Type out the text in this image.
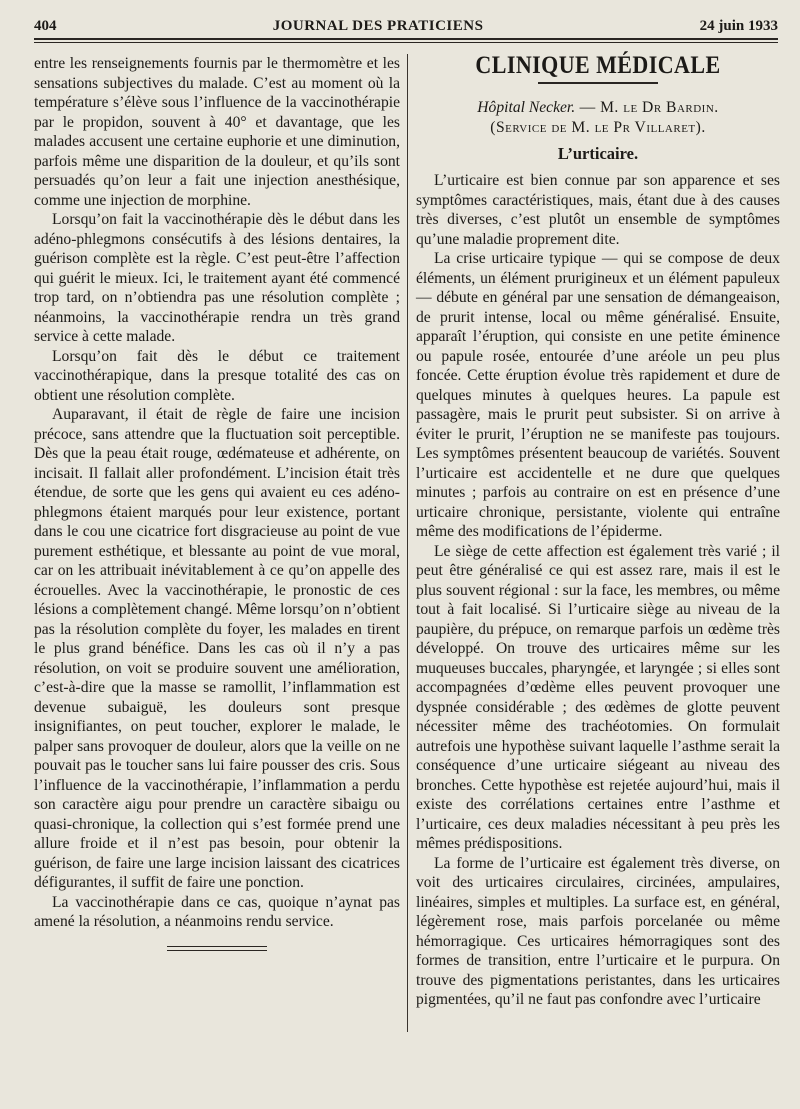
404	JOURNAL DES PRATICIENS	24 juin 1933

entre les renseignements fournis par le thermomètre et les sensations subjectives du malade. C’est au moment où la température s’élève sous l’influence de la vaccinothérapie par le propidon, souvent à 40° et davantage, que les malades accusent une certaine euphorie et une diminution, parfois même une disparition de la douleur, et qu’ils sont persuadés qu’on leur a fait une injection anesthésique, comme une injection de morphine.

Lorsqu’on fait la vaccinothérapie dès le début dans les adéno-phlegmons consécutifs à des lésions dentaires, la guérison complète est la règle. C’est peut-être l’affection qui guérit le mieux. Ici, le traitement ayant été commencé trop tard, on n’obtiendra pas une résolution complète ; néanmoins, la vaccinothérapie rendra un très grand service à cette malade.

Lorsqu’on fait dès le début ce traitement vaccinothérapique, dans la presque totalité des cas on obtient une résolution complète.

Auparavant, il était de règle de faire une incision précoce, sans attendre que la fluctuation soit perceptible. Dès que la peau était rouge, œdémateuse et adhérente, on incisait. Il fallait aller profondément. L’incision était très étendue, de sorte que les gens qui avaient eu ces adéno-phlegmons étaient marqués pour leur existence, portant dans le cou une cicatrice fort disgracieuse au point de vue purement esthétique, et blessante au point de vue moral, car on les attribuait inévitablement à ce qu’on appelle des écrouelles. Avec la vaccinothérapie, le pronostic de ces lésions a complètement changé. Même lorsqu’on n’obtient pas la résolution complète du foyer, les malades en tirent le plus grand bénéfice. Dans les cas où il n’y a pas résolution, on voit se produire souvent une amélioration, c’est-à-dire que la masse se ramollit, l’inflammation est devenue subaiguë, les douleurs sont presque insignifiantes, on peut toucher, explorer le malade, le palper sans provoquer de douleur, alors que la veille on ne pouvait pas le toucher sans lui faire pousser des cris. Sous l’influence de la vaccinothérapie, l’inflammation a perdu son caractère aigu pour prendre un caractère sibaigu ou quasi-chronique, la collection qui s’est formée prend une allure froide et il n’est pas besoin, pour obtenir la guérison, de faire une large incision laissant des cicatrices défigurantes, il suffit de faire une ponction.

La vaccinothérapie dans ce cas, quoique n’aynat pas amené la résolution, a néanmoins rendu service.

CLINIQUE MÉDICALE
Hôpital Necker. — M. le Dr Bardin.
(Service de M. le Pr Villaret).
L’urticaire.

L’urticaire est bien connue par son apparence et ses symptômes caractéristiques, mais, étant due à des causes très diverses, c’est plutôt un ensemble de symptômes qu’une maladie proprement dite.

La crise urticaire typique — qui se compose de deux éléments, un élément prurigineux et un élément papuleux — débute en général par une sensation de démangeaison, de prurit intense, local ou même généralisé. Ensuite, apparaît l’éruption, qui consiste en une petite éminence ou papule rosée, entourée d’une aréole un peu plus foncée. Cette éruption évolue très rapidement et dure de quelques minutes à quelques heures. La papule est passagère, mais le prurit peut subsister. Si on arrive à éviter le prurit, l’éruption ne se manifeste pas toujours. Les symptômes présentent beaucoup de variétés. Souvent l’urticaire est accidentelle et ne dure que quelques minutes ; parfois au contraire on est en présence d’une urticaire chronique, persistante, violente qui entraîne même des modifications de l’épiderme.

Le siège de cette affection est également très varié ; il peut être généralisé ce qui est assez rare, mais il est le plus souvent régional : sur la face, les membres, ou même tout à fait localisé. Si l’urticaire siège au niveau de la paupière, du prépuce, on remarque parfois un œdème très développé. On trouve des urticaires même sur les muqueuses buccales, pharyngée, et laryngée ; si elles sont accompagnées d’œdème elles peuvent provoquer une dyspnée considérable ; des œdèmes de glotte peuvent nécessiter même des trachéotomies. On formulait autrefois une hypothèse suivant laquelle l’asthme serait la conséquence d’une urticaire siégeant au niveau des bronches. Cette hypothèse est rejetée aujourd’hui, mais il existe des corrélations certaines entre l’asthme et l’urticaire, ces deux maladies nécessitant à peu près les mêmes prédispositions.

La forme de l’urticaire est également très diverse, on voit des urticaires circulaires, circinées, ampulaires, linéaires, simples et multiples. La surface est, en général, légèrement rose, mais parfois porcelanée ou même hémorragique. Ces urticaires hémorragiques sont des formes de transition, entre l’urticaire et le purpura. On trouve des pigmentations peristantes, dans les urticaires pigmentées, qu’il ne faut pas confondre avec l’urticaire
